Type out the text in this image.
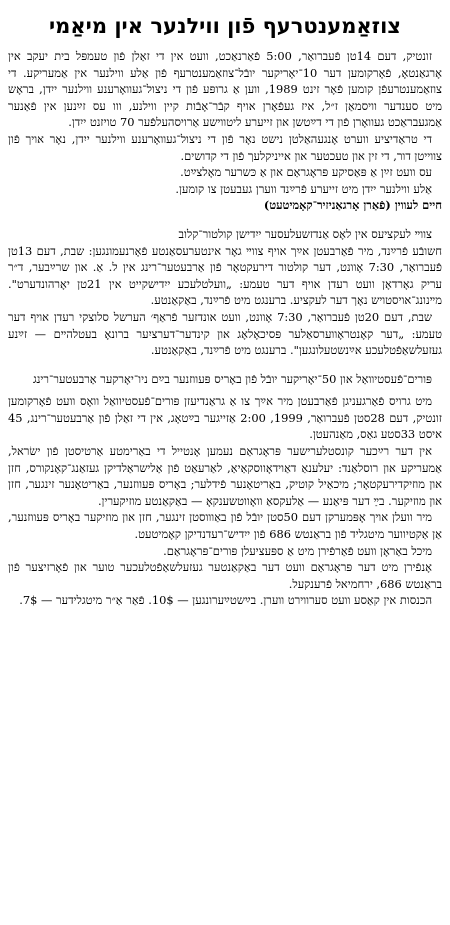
צוזאַמענטרעף פֿון ווילנער אין מיאַמי

זונטיק, דעם 14טן פֿעברואַר, 5:00 פֿאַרנאַכט, וועט אין די זאַלן פֿון טעמפּל בית יעקב אין אָרגאַנטאָ, פֿאָרקומען דער 10־יאָריקער יובֿל־צוזאַמענטרעף פֿון אַלע ווילנער אין אַמעריקע. די צוזאַמענטרעפֿן קומען פֿאָר זינט 1989, ווען אַ גרופּע פֿון די ניצול־געוואָרענע ווילנער ייִדן, בראָש מיט סענדער וויסמאַן ז״ל, איז געפֿאָרן אויף קבֿר־אָבֿות קיין ווילנע, ווו עס זײַנען אין פֿאַנער אַמגעבראַכט געוואָרן פֿון די דײַטשן און זייערע ליטווישע אַרויסהעלפֿער 70 טויזנט ייִדן.

די טראַדיציע ווערט אָנגעהאַלטן נישט נאָר פֿון די ניצול־געוואָרענע ווילנער ייִדן, נאָר אויך פֿון צווייטן דור, די זין און טעכטער און אייניקלעך פֿון די קדושים.

עס וועט זײַן אַ פּאַסיקע פּראָגראַם און אַ כּשרער מאָלצײַט.

אַלע ווילנער ייִדן מיט זייערע פֿרײַנד ווערן געבעטן צו קומען.

חיים לעווין (פֿאַרן אָרגאַניזיר־קאָמיטעט)

צווײ לעקציעס אין לאָס אַנדזשעלעסער ייִדישן קולטור־קלוב

חשובֿע פֿרײַנד, מיר פֿאַרבעטן אײַך אויף צווײ גאָר אינטערעסאַנטע פֿאָרנעמונגען: שבת, דעם 13טן פֿעברואַר, 7:30 אָוונט, דער קולטור דירעקטאָר פֿון אַרבעטער־רינג אין ל. אַ. און שרײַבער, ד״ר עריק גאָרדאָן וועט רעדן אויף דער טעמע: „וועלטלעכע ייִדישקייט אין 21טן יאָרהונדערט". מײנונג־אויסטויש נאָך דער לעקציע. ברענגט מיט פֿרײַנד, באַקאַנטע.

שבת, דעם 20טן פֿעברואַר, 7:30 אָוונט, וועט אונדזער פֿראַף׳ הערשל סלוצקי רעדן אויף דער טעמע: „דער קאָנטראָווערסאַלער פּסיכאָלאָג און קינדער־דערציִער ברונאָ בעטלהײם — זײַנע געזעלשאַפֿטלעכע אײַנשטעלונגען". ברענגט מיט פֿרײַנד, באַקאַנטע.

פּורים־פֿעסטיוואַל און 50־יאָריקער יובֿל פֿון באָריס פּעווזנער בײַם ניו־יאָרקער אַרבעטער־רינג

מיט גרויס פֿאַרגעניגן פֿאַרבעטן מיר אײַך צו אַ גראַנדיעזן פּורים־פֿעסטיוואַל וואָס וועט פֿאָרקומען זונטיק, דעם 28סטן פֿעברואַר, 1999, 2:00 אַזייגער בײַטאָג, אין די זאַלן פֿון אַרבעטער־רינג, 45 איסט 33סטע גאַס, מאַנהעטן.

אין דער רײַכער קונסטלערישער פּראָגראַם נעמען אָנטייל די באַרימטע אַרטיסטן פֿון ישׂראל, אַמעריקע און רוסלאַנד: יעלענאַ דאַוידאָווסקאַיאַ, לאַרעאַט פֿון אַלישראַלדיקן געזאַנג־קאָנקורס, חזן און מוזיקדירעקטאָר; מיכאַיל קוטיק, באַריטאָנער פֿידלער; באָריס פּעווזנער, באַריטאָנער זינגער, חזן און מוזיקער. בײַ דער פּיאַנע — אַלעקסאַ וואָווטשענקאָ — באַקאַנטע מוזיקערין.

מיר וועלן אויך אָפּמערקן דעם 50סטן יובֿל פֿון באַוווסטן זינגער, חזן און מוזיקער באָריס פּעווזנער, אַן אַקטיווער מיטגליד פֿון בראַנטש 686 פֿון ייִדיש־רעדנדיקן קאָמיטעט.

מיכל באַראָן וועט פֿאַרפֿירן מיט אַ ספּעציעלן פּורים־פּראָגראַם.

אָנפֿירן מיט דער פּראָגראַם וועט דער באַקאַנטער געזעלשאַפֿטלעכער טוער און פֿאָרזיצער פֿון בראַנטש 686, ירחמיאל פֿרענקעל.

הכנסות אין קאַסע וועט סערווירט ווערן. בײַשטײַערונגען — 10$. פֿאַר אַ״ר מיטגלידער — 7$.
